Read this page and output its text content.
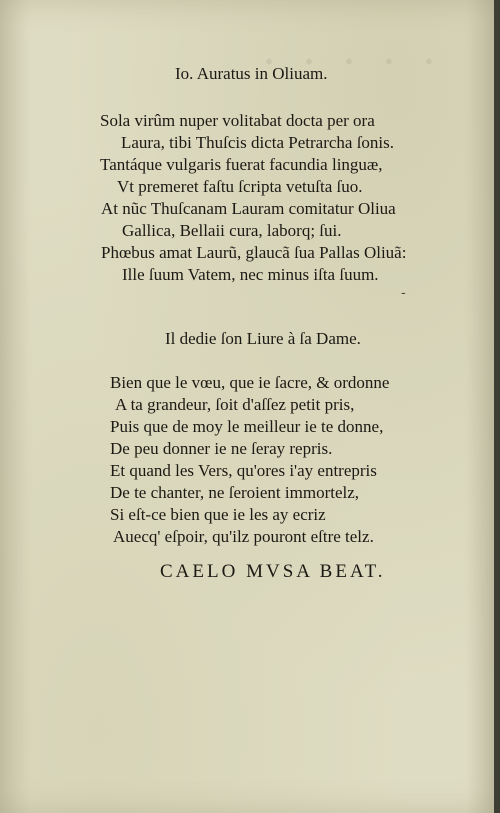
. . . . .
Io. Auratus in Oliuam.
Sola virûm nuper volitabat docta per ora
Laura, tibi Thuſcis dicta Petrarcha ſonis.
Tantáque vulgaris fuerat facundia linguæ,
Vt premeret faſtu ſcripta vetuſta ſuo.
At nũc Thuſcanam Lauram comitatur Oliua
Gallica, Bellaii cura, laborq; ſui.
Phœbus amat Laurũ, glaucã ſua Pallas Oliuã:
Ille ſuum Vatem, nec minus iſta ſuum.
-
Il dedie ſon Liure à ſa Dame.
Bien que le vœu, que ie ſacre, & ordonne
A ta grandeur, ſoit d'aſſez petit pris,
Puis que de moy le meilleur ie te donne,
De peu donner ie ne ſeray repris.
Et quand les Vers, qu'ores i'ay entrepris
De te chanter, ne ſeroient immortelz,
Si eſt-ce bien que ie les ay ecriz
Auecq' eſpoir, qu'ilz pouront eſtre telz.
CAELO MVSA BEAT.
